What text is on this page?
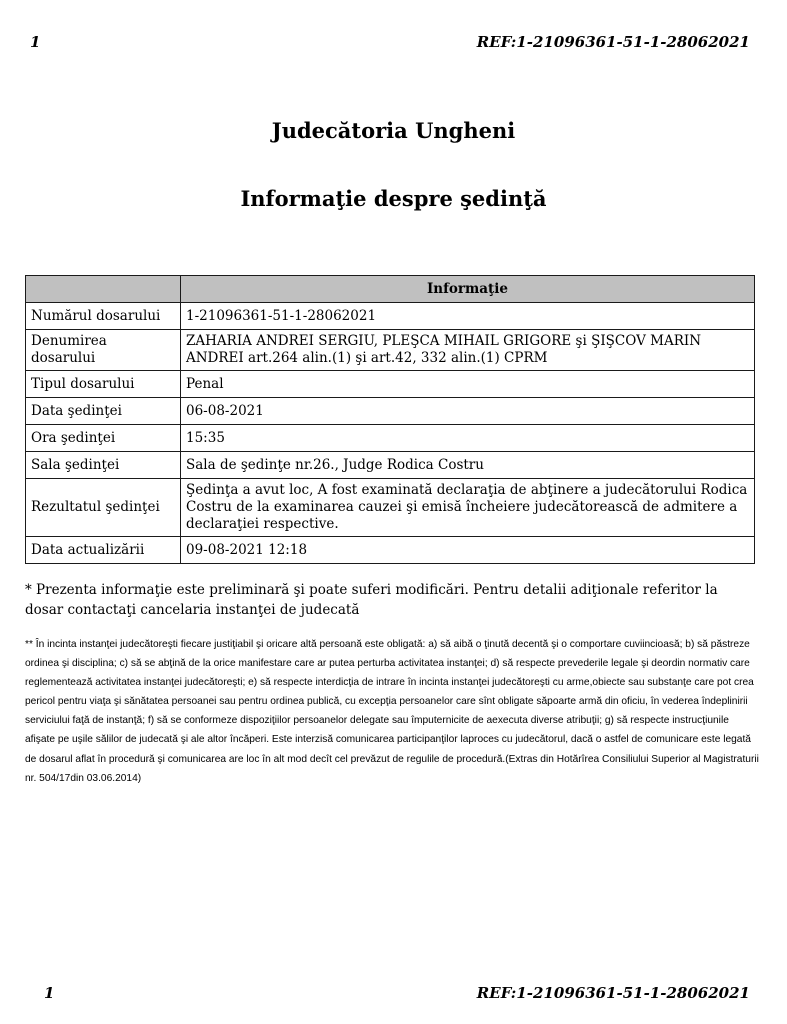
1	REF:1-21096361-51-1-28062021
Judecătoria Ungheni
Informaţie despre şedinţă
	Informaţie
Numărul dosarului	1-21096361-51-1-28062021
Denumirea dosarului	ZAHARIA ANDREI SERGIU, PLEŞCA MIHAIL GRIGORE şi ŞIŞCOV MARIN ANDREI art.264 alin.(1) şi art.42, 332 alin.(1) CPRM
Tipul dosarului	Penal
Data şedinţei	06-08-2021
Ora şedinţei	15:35
Sala şedinţei	Sala de şedinţe nr.26., Judge Rodica Costru
Rezultatul şedinţei	Şedinţa a avut loc, A fost examinată declaraţia de abţinere a judecătorului Rodica Costru de la examinarea cauzei şi emisă încheiere judecătorească de admitere a declaraţiei respective.
Data actualizării	09-08-2021 12:18
* Prezenta informaţie este preliminară şi poate suferi modificări. Pentru detalii adiţionale referitor la dosar contactaţi cancelaria instanţei de judecată
** În incinta instanţei judecătoreşti fiecare justiţiabil şi oricare altă persoană este obligată: a) să aibă o ţinută decentă şi o comportare cuviincioasă; b) să păstreze ordinea şi disciplina; c) să se abţină de la orice manifestare care ar putea perturba activitatea instanţei; d) să respecte prevederile legale şi deordin normativ care reglementează activitatea instanţei judecătoreşti; e) să respecte interdicţia de intrare în incinta instanţei judecătoreşti cu arme,obiecte sau substanţe care pot crea pericol pentru viaţa şi sănătatea persoanei sau pentru ordinea publică, cu excepţia persoanelor care sînt obligate săpoarte armă din oficiu, în vederea îndeplinirii serviciului faţă de instanţă; f) să se conformeze dispoziţiilor persoanelor delegate sau împuternicite de aexecuta diverse atribuţii; g) să respecte instrucţiunile afişate pe uşile sălilor de judecată şi ale altor încăperi. Este interzisă comunicarea participanţilor laproces cu judecătorul, dacă o astfel de comunicare este legată de dosarul aflat în procedură şi comunicarea are loc în alt mod decît cel prevăzut de regulile de procedură.(Extras din Hotărîrea Consiliului Superior al Magistraturii nr. 504/17din 03.06.2014)
1	REF:1-21096361-51-1-28062021
